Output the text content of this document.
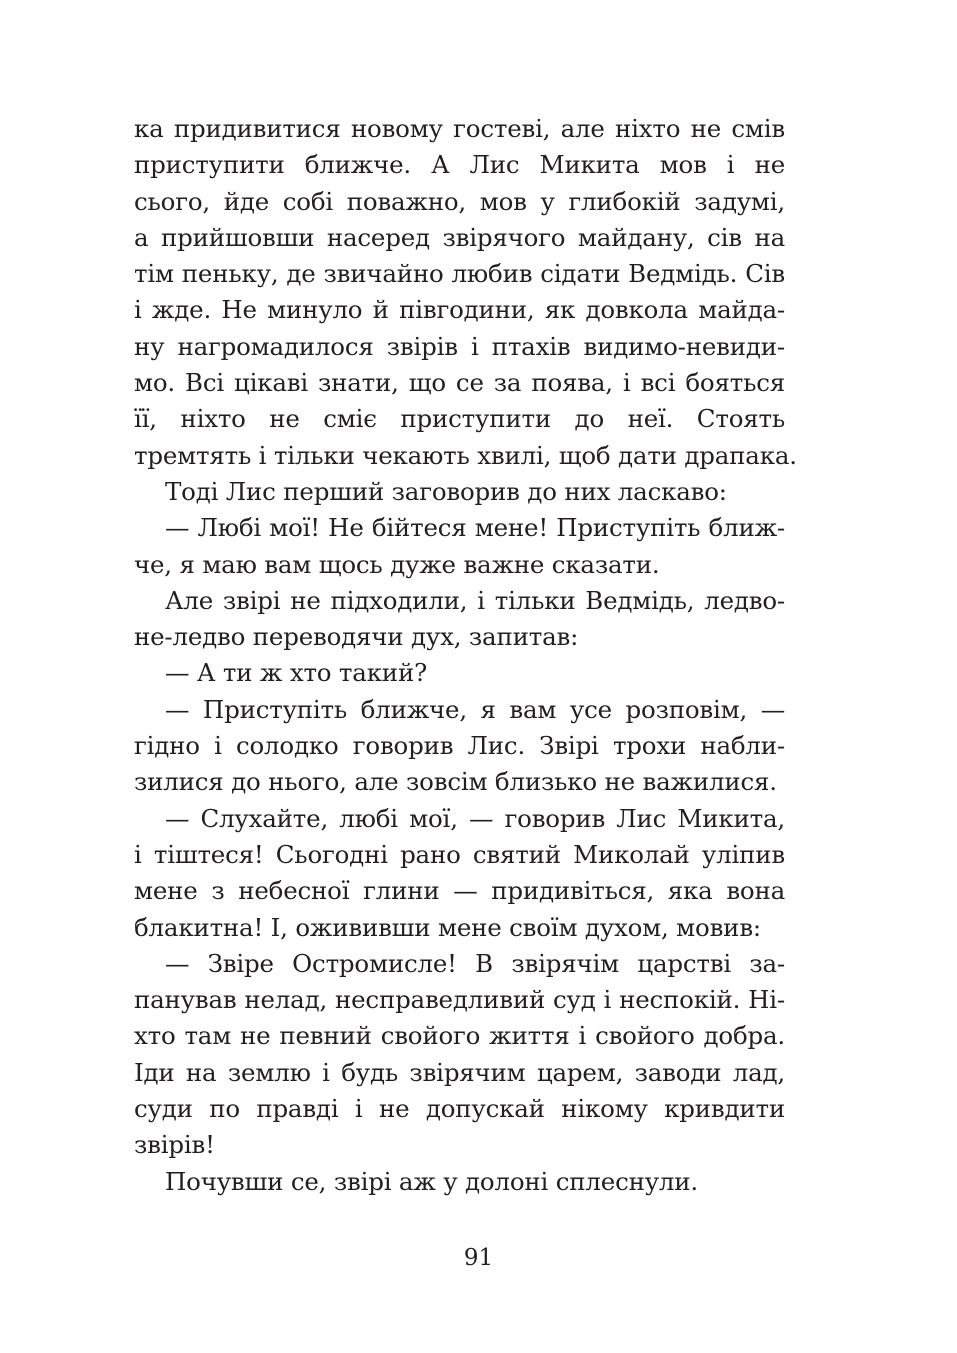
ка придивитися новому гостеві, але ніхто не смів
приступити ближче. А Лис Микита мов і не
сього, йде собі поважно, мов у глибокій задумі,
а прийшовши насеред звірячого майдану, сів на
тім пеньку, де звичайно любив сідати Ведмідь. Сів
і жде. Не минуло й півгодини, як довкола майда-
ну нагромадилося звірів і птахів видимо-невиди-
мо. Всі цікаві знати, що се за поява, і всі бояться
її, ніхто не сміє приступити до неї. Стоять
тремтять і тільки чекають хвилі, щоб дати драпака.
Тоді Лис перший заговорив до них ласкаво:
— Любі мої! Не бійтеся мене! Приступіть ближ-
че, я маю вам щось дуже важне сказати.
Але звірі не підходили, і тільки Ведмідь, ледво-
не-ледво переводячи дух, запитав:
— А ти ж хто такий?
— Приступіть ближче, я вам усе розповім, —
гідно і солодко говорив Лис. Звірі трохи набли-
зилися до нього, але зовсім близько не важилися.
— Слухайте, любі мої, — говорив Лис Микита,
і тіштеся! Сьогодні рано святий Миколай уліпив
мене з небесної глини — придивіться, яка вона
блакитна! І, ожививши мене своїм духом, мовив:
— Звіре Остромисле! В звірячім царстві за-
панував нелад, несправедливий суд і неспокій. Ні-
хто там не певний свойого життя і свойого добра.
Іди на землю і будь звірячим царем, заводи лад,
суди по правді і не допускай нікому кривдити
звірів!
Почувши се, звірі аж у долоні сплеснули.
91
